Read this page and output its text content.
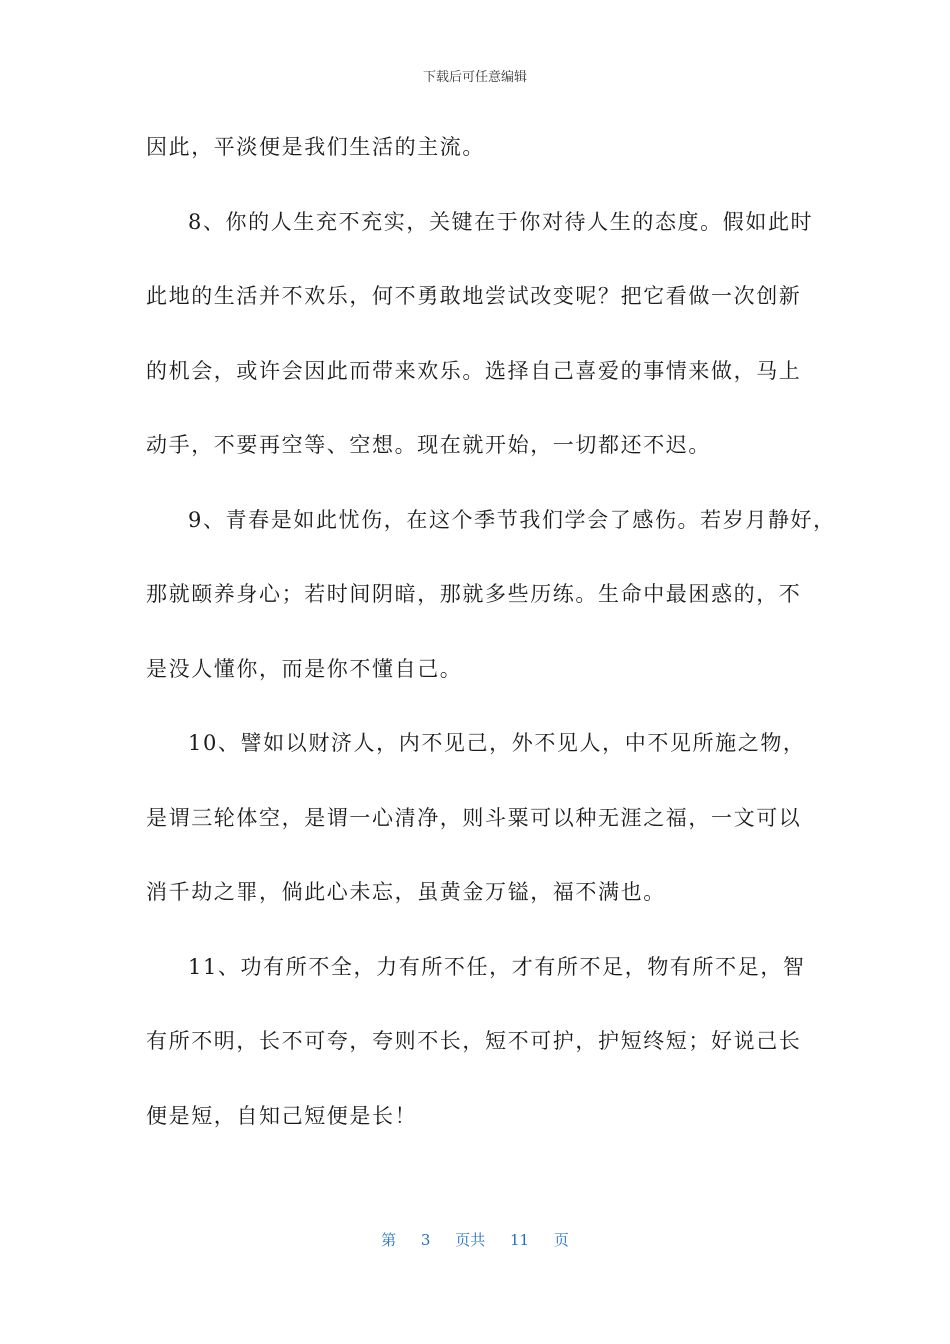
下载后可任意编辑
因此，平淡便是我们生活的主流。
8、你的人生充不充实，关键在于你对待人生的态度。假如此时
此地的生活并不欢乐，何不勇敢地尝试改变呢？把它看做一次创新
的机会，或许会因此而带来欢乐。选择自己喜爱的事情来做，马上
动手，不要再空等、空想。现在就开始，一切都还不迟。
9、青春是如此忧伤，在这个季节我们学会了感伤。若岁月静好，
那就颐养身心；若时间阴暗，那就多些历练。生命中最困惑的，不
是没人懂你，而是你不懂自己。
10、譬如以财济人，内不见己，外不见人，中不见所施之物，
是谓三轮体空，是谓一心清净，则斗粟可以种无涯之福，一文可以
消千劫之罪，倘此心未忘，虽黄金万镒，福不满也。
11、功有所不全，力有所不任，才有所不足，物有所不足，智
有所不明，长不可夸，夸则不长，短不可护，护短终短；好说己长
便是短，自知己短便是长！
第 3 页共 11 页
